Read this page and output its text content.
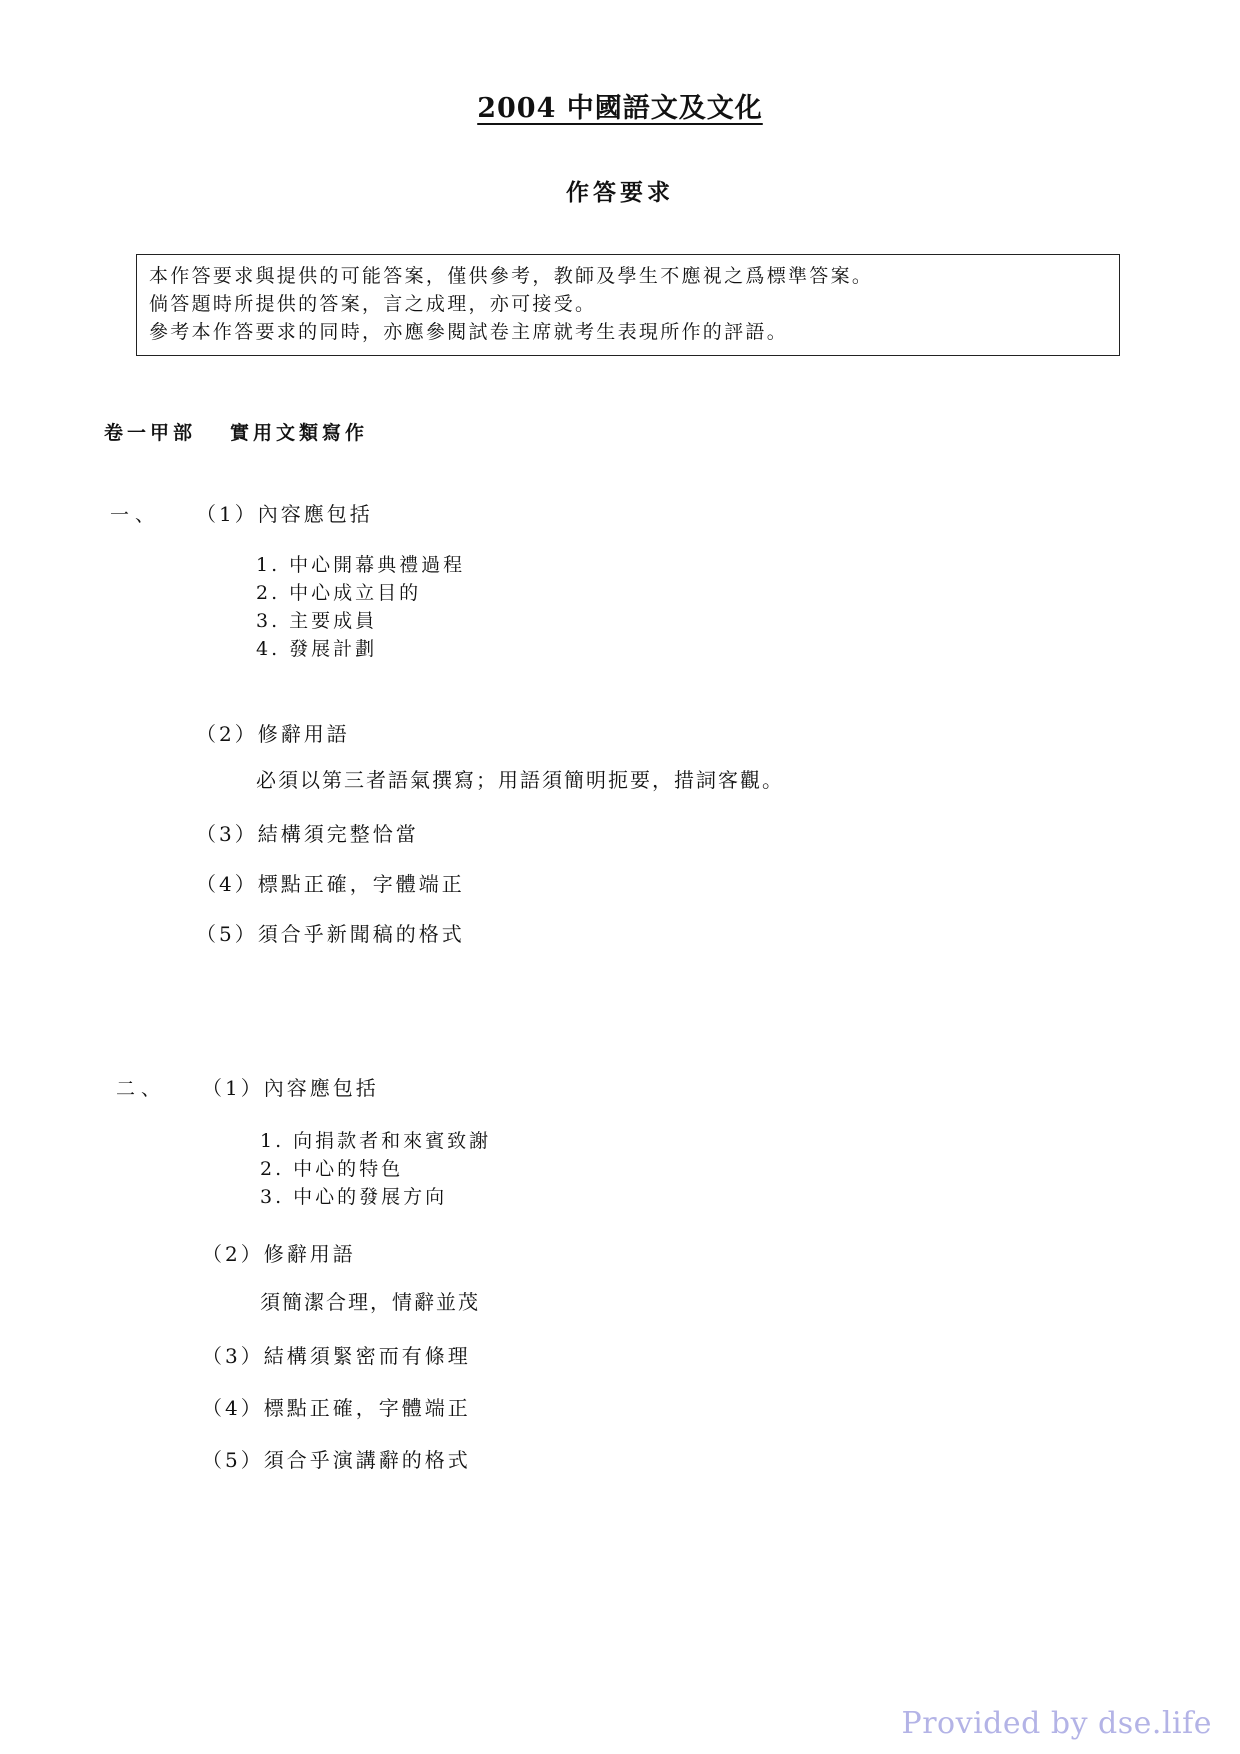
2004 中國語文及文化
作答要求
本作答要求與提供的可能答案，僅供參考，教師及學生不應視之爲標準答案。
倘答題時所提供的答案，言之成理，亦可接受。
參考本作答要求的同時，亦應參閱試卷主席就考生表現所作的評語。
卷一甲部 實用文類寫作
一、 （1）內容應包括
1. 中心開幕典禮過程
2. 中心成立目的
3. 主要成員
4. 發展計劃
（2）修辭用語
必須以第三者語氣撰寫；用語須簡明扼要，措詞客觀。
（3）結構須完整恰當
（4）標點正確，字體端正
（5）須合乎新聞稿的格式
二、 （1）內容應包括
1. 向捐款者和來賓致謝
2. 中心的特色
3. 中心的發展方向
（2）修辭用語
須簡潔合理，情辭並茂
（3）結構須緊密而有條理
（4）標點正確，字體端正
（5）須合乎演講辭的格式
Provided by dse.life
